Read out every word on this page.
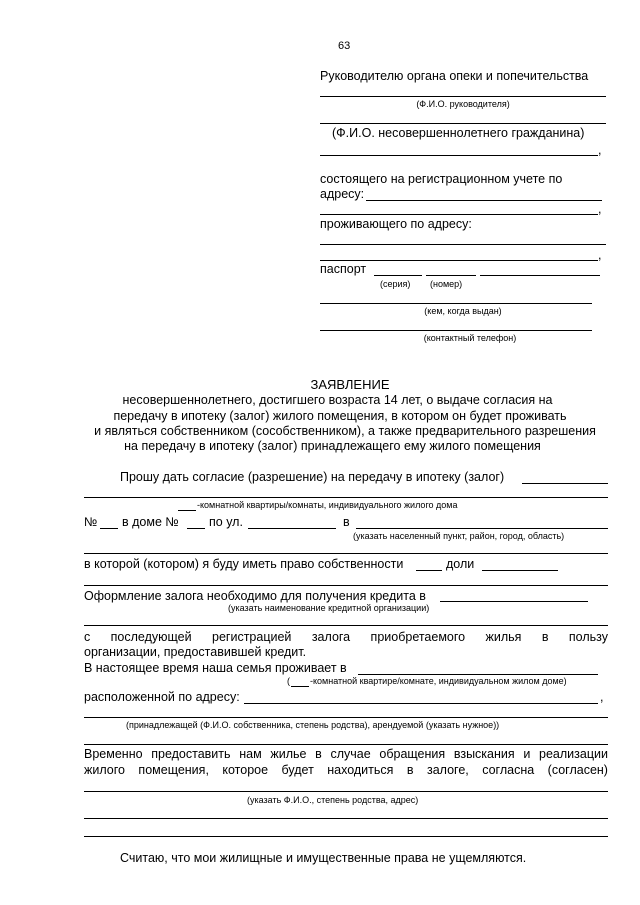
63
Руководителю органа опеки и попечительства
(Ф.И.О. руководителя)
(Ф.И.О. несовершеннолетнего гражданина)
,
состоящего на регистрационном учете по
адресу:
,
проживающего по адресу:
,
паспорт
(серия) (номер)
(кем, когда выдан)
(контактный телефон)
ЗАЯВЛЕНИЕ
несовершеннолетнего, достигшего возраста 14 лет, о выдаче согласия на
передачу в ипотеку (залог) жилого помещения, в котором он будет проживать
и являться собственником (сособственником), а также предварительного разрешения
на передачу в ипотеку (залог) принадлежащего ему жилого помещения
Прошу дать согласие (разрешение) на передачу в ипотеку (залог)
-комнатной квартиры/комнаты, индивидуального жилого дома
№ в доме № по ул.	в
(указать населенный пункт, район, город, область)
в которой (котором) я буду иметь право собственности	доли
Оформление залога необходимо для получения кредита в
(указать наименование кредитной организации)
с последующей регистрацией залога приобретаемого жилья в пользу
организации, предоставившей кредит.
В настоящее время наша семья проживает в
( -комнатной квартире/комнате, индивидуальном жилом доме)
расположенной по адресу:	,
(принадлежащей (Ф.И.О. собственника, степень родства), арендуемой (указать нужное))
Временно предоставить нам жилье в случае обращения взыскания и реализации
жилого помещения, которое будет находиться в залоге, согласна (согласен)
(указать Ф.И.О., степень родства, адрес)
Считаю, что мои жилищные и имущественные права не ущемляются.
